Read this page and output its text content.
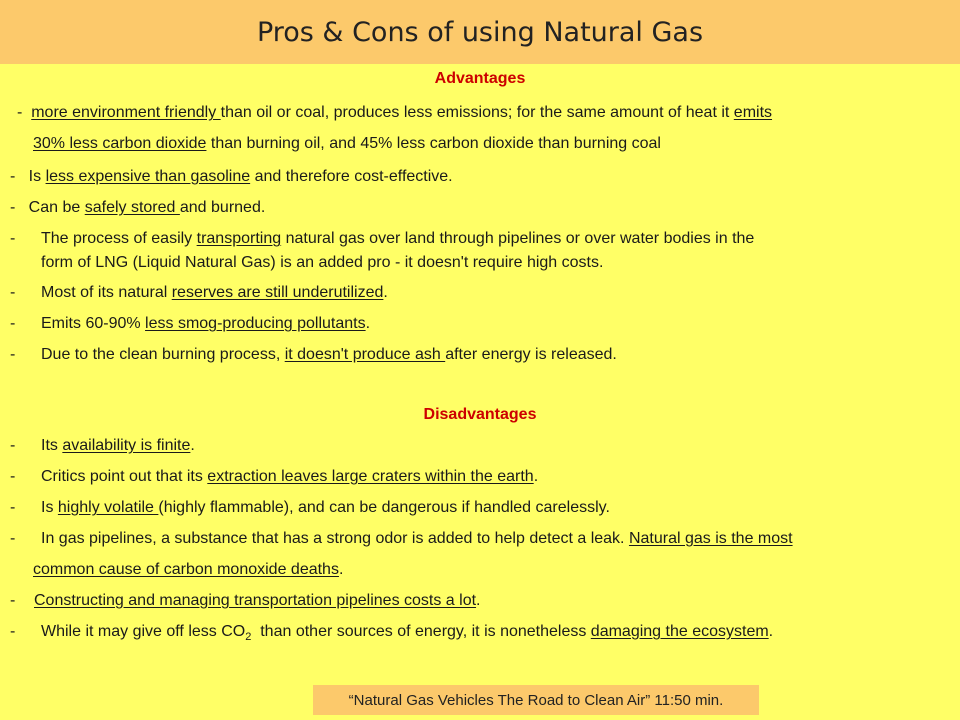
Pros & Cons of using Natural Gas
Advantages
- more environment friendly than oil or coal, produces less emissions; for the same amount of heat it emits
30% less carbon dioxide than burning oil, and 45% less carbon dioxide than burning coal
- Is less expensive than gasoline and therefore cost-effective.
- Can be safely stored and burned.
- The process of easily transporting natural gas over land through pipelines or over water bodies in the
form of LNG (Liquid Natural Gas) is an added pro - it doesn't require high costs.
- Most of its natural reserves are still underutilized.
- Emits 60-90% less smog-producing pollutants.
- Due to the clean burning process, it doesn't produce ash after energy is released.
Disadvantages
- Its availability is finite.
- Critics point out that its extraction leaves large craters within the earth.
- Is highly volatile (highly flammable), and can be dangerous if handled carelessly.
- In gas pipelines, a substance that has a strong odor is added to help detect a leak. Natural gas is the most
common cause of carbon monoxide deaths.
- Constructing and managing transportation pipelines costs a lot.
- While it may give off less $CO_2$  than other sources of energy, it is nonetheless damaging the ecosystem.
“Natural Gas Vehicles The Road to Clean Air” 11:50 min.
